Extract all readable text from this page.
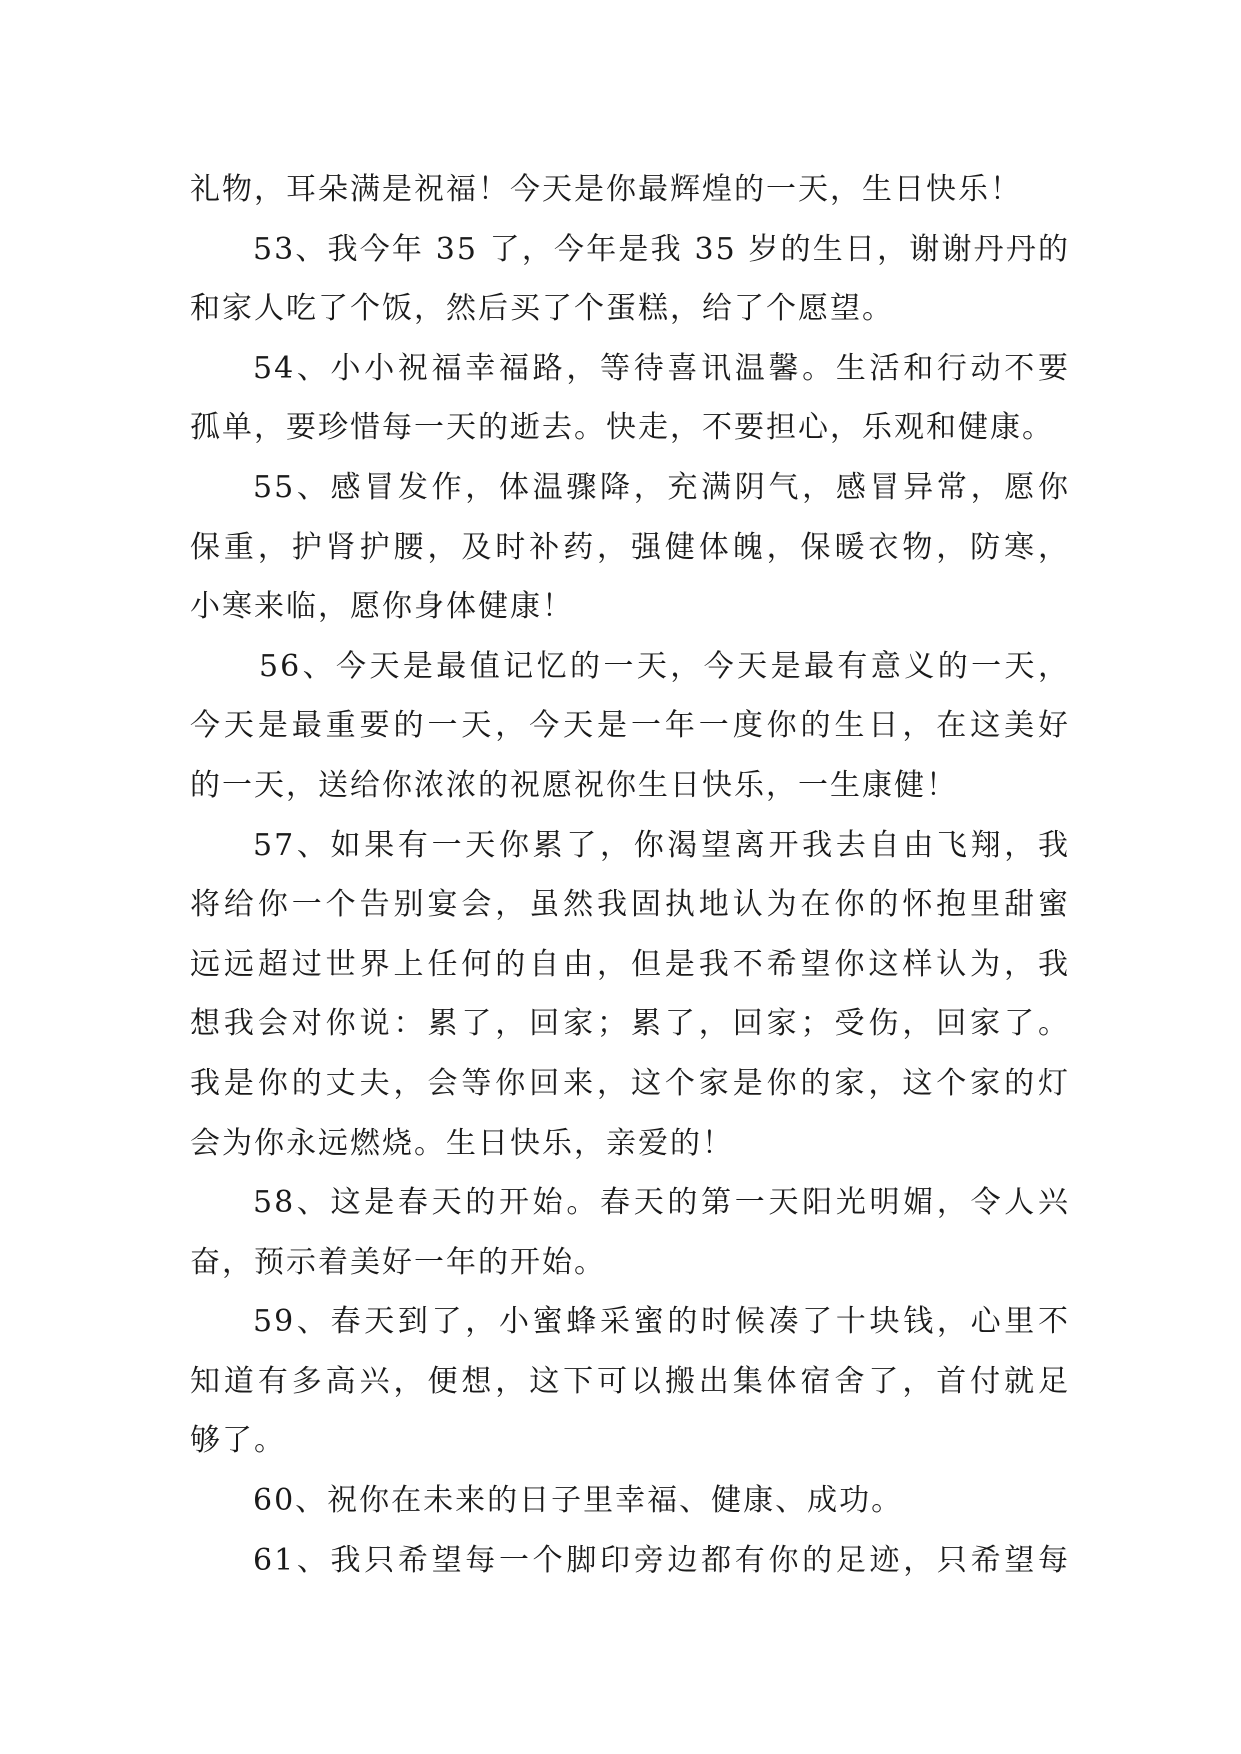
礼物，耳朵满是祝福！今天是你最辉煌的一天，生日快乐！
53、我今年 35 了，今年是我 35 岁的生日，谢谢丹丹的
和家人吃了个饭，然后买了个蛋糕，给了个愿望。
54、小小祝福幸福路，等待喜讯温馨。生活和行动不要
孤单，要珍惜每一天的逝去。快走，不要担心，乐观和健康。
55、感冒发作，体温骤降，充满阴气，感冒异常，愿你
保重，护肾护腰，及时补药，强健体魄，保暖衣物，防寒，
小寒来临，愿你身体健康！
56、今天是最值记忆的一天，今天是最有意义的一天，
今天是最重要的一天，今天是一年一度你的生日，在这美好
的一天，送给你浓浓的祝愿祝你生日快乐，一生康健！
57、如果有一天你累了，你渴望离开我去自由飞翔，我
将给你一个告别宴会，虽然我固执地认为在你的怀抱里甜蜜
远远超过世界上任何的自由，但是我不希望你这样认为，我
想我会对你说：累了，回家；累了，回家；受伤，回家了。
我是你的丈夫，会等你回来，这个家是你的家，这个家的灯
会为你永远燃烧。生日快乐，亲爱的！
58、这是春天的开始。春天的第一天阳光明媚，令人兴
奋，预示着美好一年的开始。
59、春天到了，小蜜蜂采蜜的时候凑了十块钱，心里不
知道有多高兴，便想，这下可以搬出集体宿舍了，首付就足
够了。
60、祝你在未来的日子里幸福、健康、成功。
61、我只希望每一个脚印旁边都有你的足迹，只希望每
